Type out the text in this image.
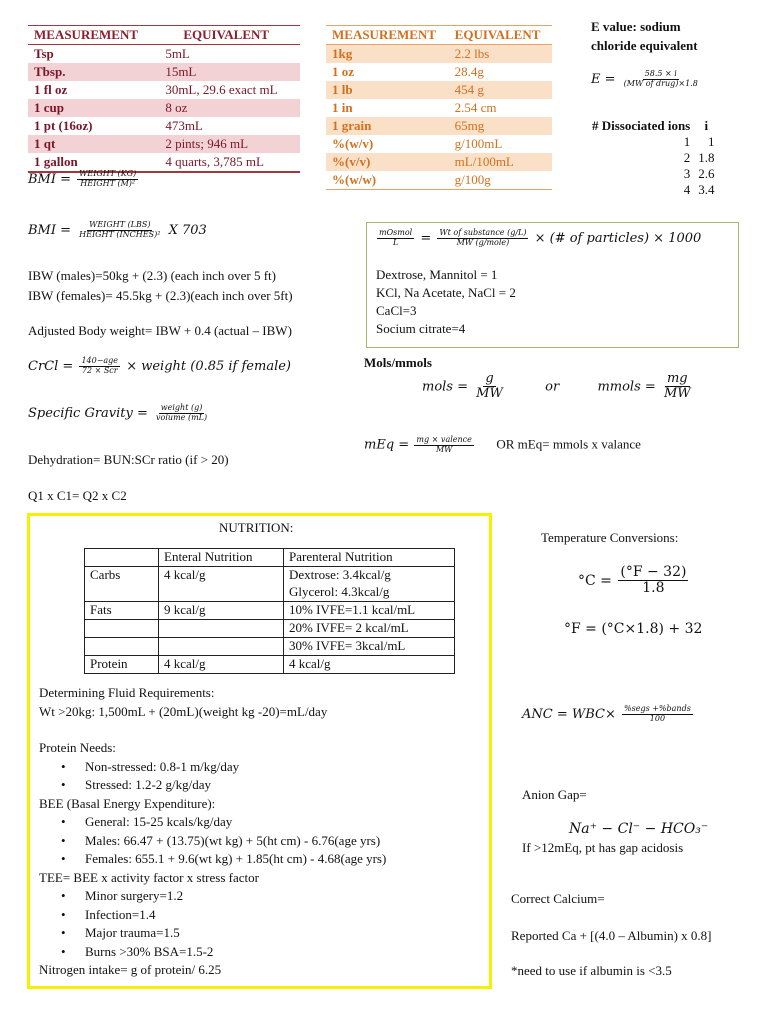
MEASUREMENT	EQUIVALENT
Tsp	5mL
Tbsp.	15mL
1 fl oz	30mL, 29.6 exact mL
1 cup	8 oz
1 pt (16oz)	473mL
1 qt	2 pints; 946 mL
1 gallon	4 quarts, 3,785 mL
MEASUREMENT	EQUIVALENT
1kg	2.2 lbs
1 oz	28.4g
1 lb	454 g
1 in	2.54 cm
1 grain	65mg
%(w/v)	g/100mL
%(v/v)	mL/100mL
%(w/w)	g/100g
E value: sodium
chloride equivalent
$E = \frac{58.5 \times i}{\text{(MW of drug)×1.8}}$
# Dissociated ions	i
1	1
2	1.8
3	2.6
4	3.4
BMI = $\frac{\text{WEIGHT (KG)}}{\text{HEIGHT (M)²}}$
BMI = $\frac{\text{WEIGHT (LBS)}}{\text{HEIGHT (INCHES)²}}$ X 703
IBW (males)=50kg + (2.3) (each inch over 5 ft)
IBW (females)= 45.5kg + (2.3)(each inch over 5ft)
Adjusted Body weight= IBW + 0.4 (actual – IBW)
CrCl = $\frac{\text{140−age}}{\text{72 × Scr}}$ × weight (0.85 if female)
Specific Gravity = $\frac{\text{weight (g)}}{\text{volume (mL)}}$
Dehydration= BUN:SCr ratio (if > 20)
Q1 x C1= Q2 x C2
$\frac{\text{mOsmol}}{L} = \frac{\text{Wt of substance (g/L)}}{\text{MW (g/mole)}}$ × (# of particles) × 1000
Dextrose, Mannitol = 1
KCl, Na Acetate, NaCl = 2
CaCl=3
Socium citrate=4
Mols/mmols
mols = $\frac{g}{MW}$	or	mmols = $\frac{mg}{MW}$
mEq = $\frac{\text{mg × valence}}{MW}$ OR mEq= mmols x valance
NUTRITION:
	Enteral Nutrition	Parenteral Nutrition
Carbs	4 kcal/g	Dextrose: 3.4kcal/g
		Glycerol: 4.3kcal/g
Fats	9 kcal/g	10% IVFE=1.1 kcal/mL
		20% IVFE= 2 kcal/mL
		30% IVFE= 3kcal/mL
Protein	4 kcal/g	4 kcal/g
Determining Fluid Requirements:
Wt >20kg: 1,500mL + (20mL)(weight kg -20)=mL/day
Protein Needs:
• Non-stressed: 0.8-1 m/kg/day
• Stressed: 1.2-2 g/kg/day
BEE (Basal Energy Expenditure):
• General: 15-25 kcals/kg/day
• Males: 66.47 + (13.75)(wt kg) + 5(ht cm) - 6.76(age yrs)
• Females: 655.1 + 9.6(wt kg) + 1.85(ht cm) - 4.68(age yrs)
TEE= BEE x activity factor x stress factor
• Minor surgery=1.2
• Infection=1.4
• Major trauma=1.5
• Burns >30% BSA=1.5-2
Nitrogen intake= g of protein/ 6.25
Temperature Conversions:
$^\circ C = \frac{(^\circ F - 32)}{1.8}$
°F = (°C×1.8) + 32
ANC = $WBC\times \frac{\text{\%segs +\%bands}}{100}$
Anion Gap=
Na⁺ − Cl⁻ − HCO₃⁻
If >12mEq, pt has gap acidosis
Correct Calcium=
Reported Ca + [(4.0 – Albumin) x 0.8]
*need to use if albumin is <3.5
